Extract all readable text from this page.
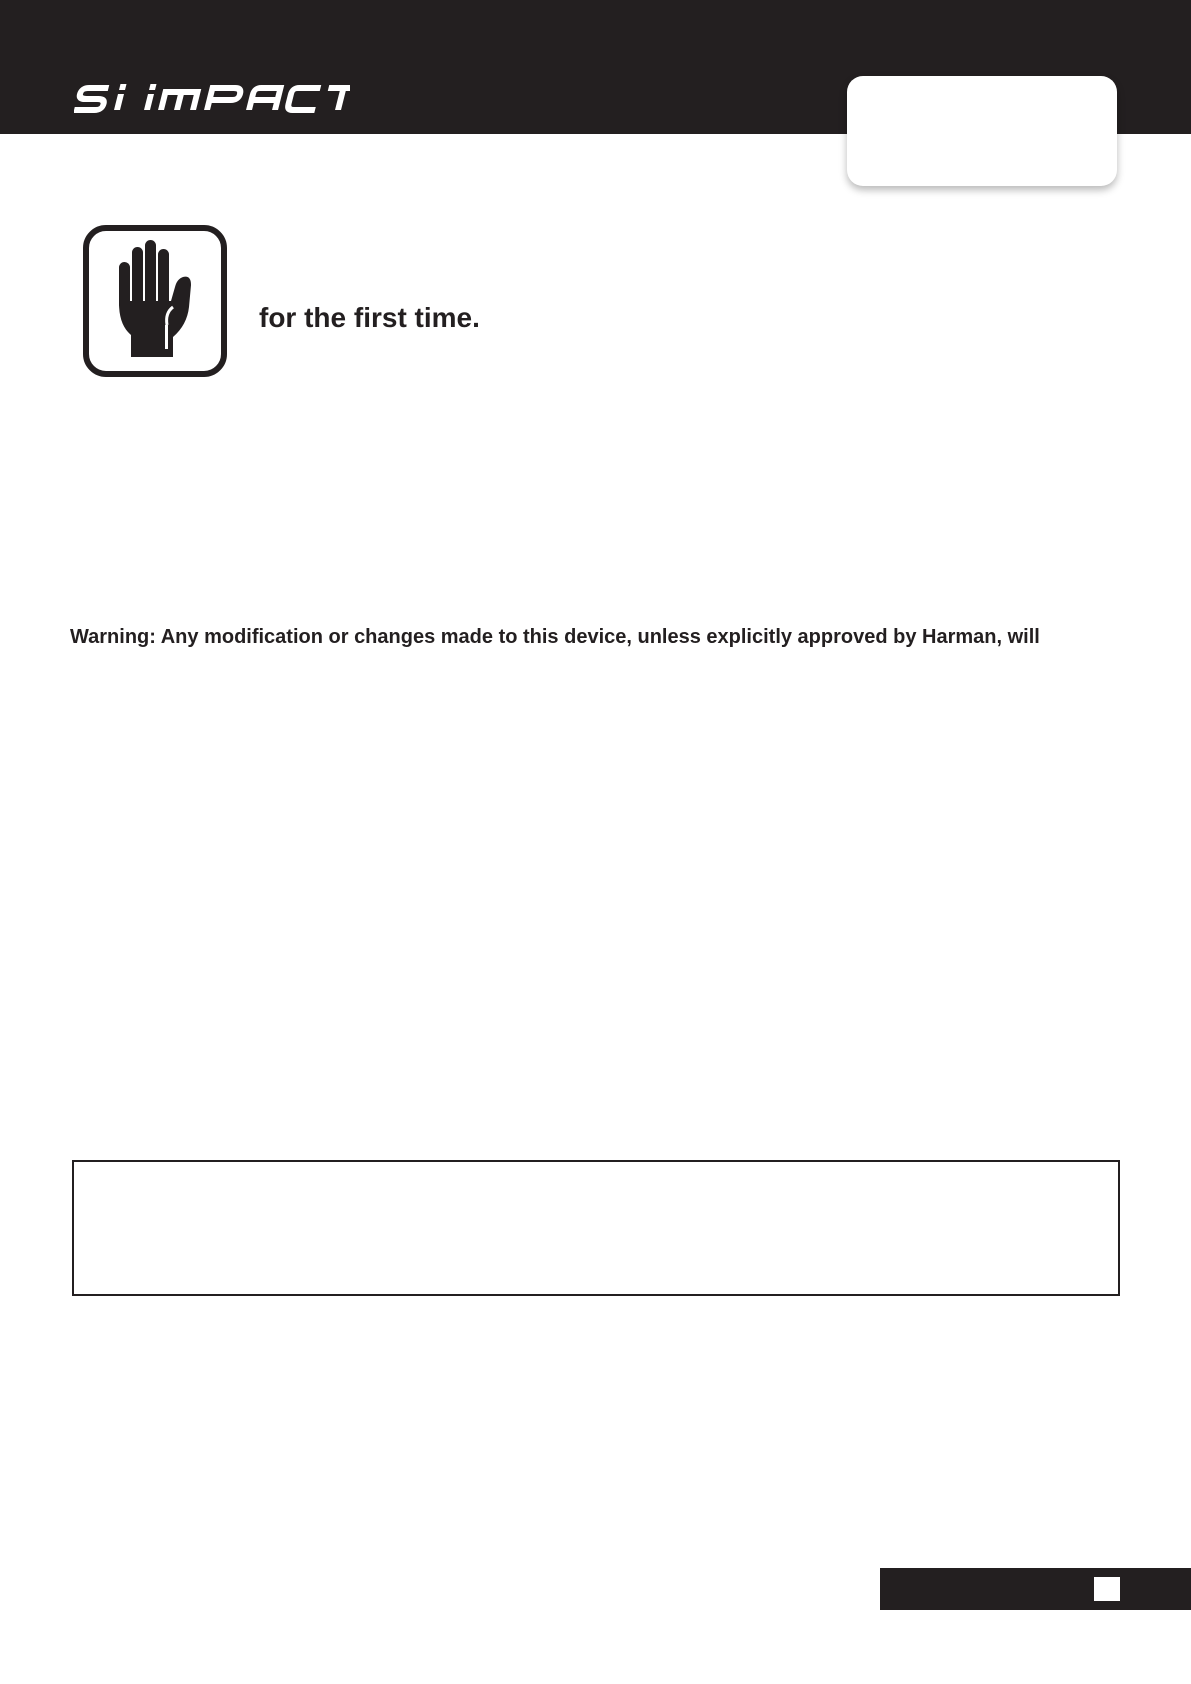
for the first time.
Warning: Any modification or changes made to this device, unless explicitly approved by Harman, will
